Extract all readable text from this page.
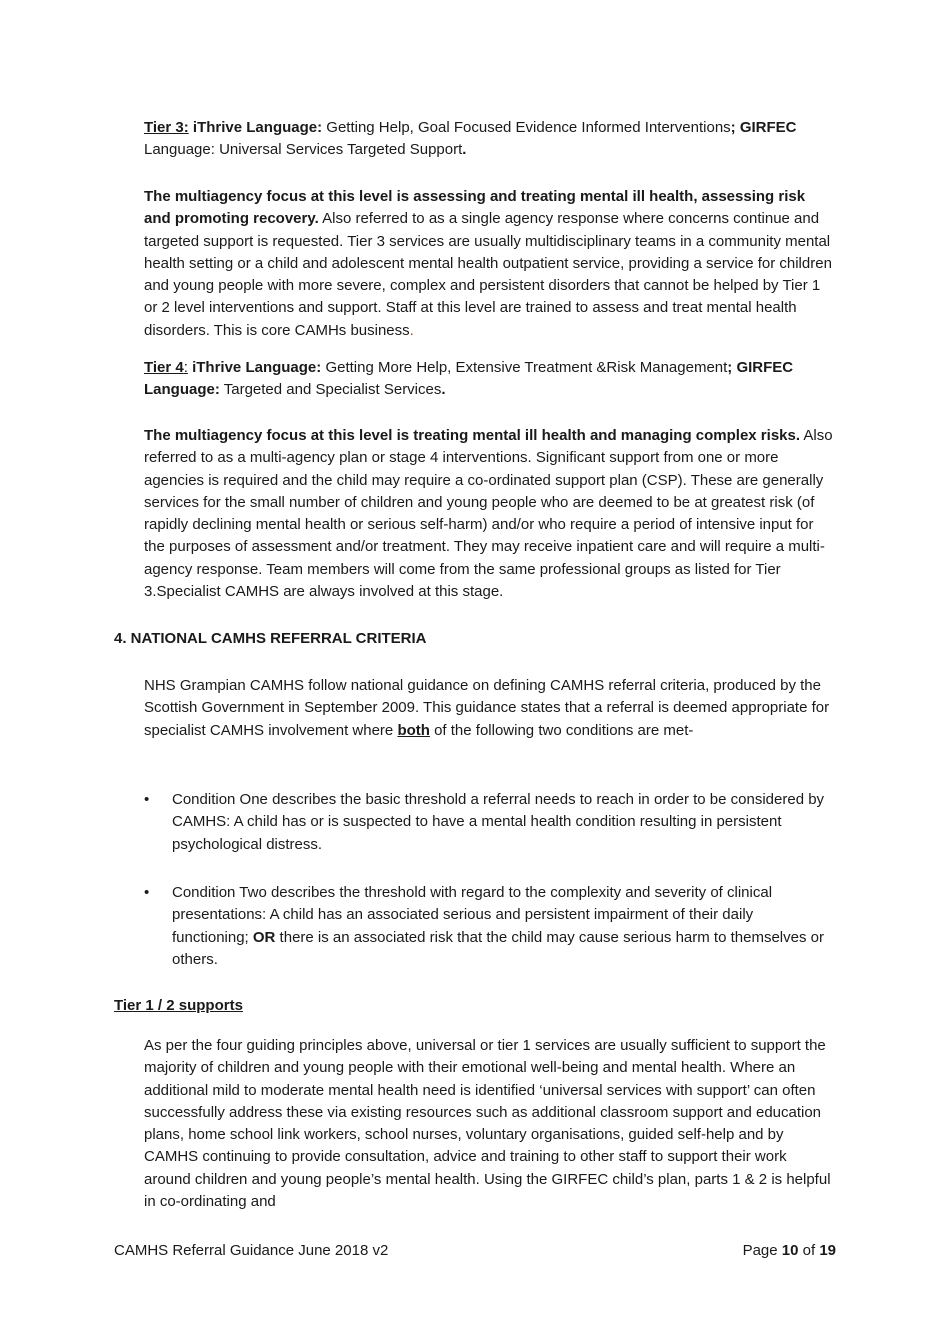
Tier 3: iThrive Language: Getting Help, Goal Focused Evidence Informed Interventions; GIRFEC
Language: Universal Services Targeted Support.
The multiagency focus at this level is assessing and treating mental ill health, assessing risk and promoting recovery. Also referred to as a single agency response where concerns continue and targeted support is requested. Tier 3 services are usually multidisciplinary teams in a community mental health setting or a child and adolescent mental health outpatient service, providing a service for children and young people with more severe, complex and persistent disorders that cannot be helped by Tier 1 or 2 level interventions and support. Staff at this level are trained to assess and treat mental health disorders. This is core CAMHs business.
Tier 4: iThrive Language: Getting More Help, Extensive Treatment &Risk Management; GIRFEC Language: Targeted and Specialist Services.
The multiagency focus at this level is treating mental ill health and managing complex risks. Also referred to as a multi-agency plan or stage 4 interventions. Significant support from one or more agencies is required and the child may require a co-ordinated support plan (CSP). These are generally services for the small number of children and young people who are deemed to be at greatest risk (of rapidly declining mental health or serious self-harm) and/or who require a period of intensive input for the purposes of assessment and/or treatment. They may receive inpatient care and will require a multi-agency response. Team members will come from the same professional groups as listed for Tier 3.Specialist CAMHS are always involved at this stage.
4. NATIONAL CAMHS REFERRAL CRITERIA
NHS Grampian CAMHS follow national guidance on defining CAMHS referral criteria, produced by the Scottish Government in September 2009. This guidance states that a referral is deemed appropriate for specialist CAMHS involvement where both of the following two conditions are met-
•	Condition One describes the basic threshold a referral needs to reach in order to be considered by CAMHS: A child has or is suspected to have a mental health condition resulting in persistent psychological distress.
•	Condition Two describes the threshold with regard to the complexity and severity of clinical presentations: A child has an associated serious and persistent impairment of their daily functioning; OR there is an associated risk that the child may cause serious harm to themselves or others.
Tier 1 / 2 supports
As per the four guiding principles above, universal or tier 1 services are usually sufficient to support the majority of children and young people with their emotional well-being and mental health. Where an additional mild to moderate mental health need is identified ‘universal services with support’ can often successfully address these via existing resources such as additional classroom support and education plans, home school link workers, school nurses, voluntary organisations, guided self-help and by CAMHS continuing to provide consultation, advice and training to other staff to support their work around children and young people’s mental health. Using the GIRFEC child’s plan, parts 1 & 2 is helpful in co-ordinating and
CAMHS Referral Guidance June 2018 v2	Page 10 of 19
